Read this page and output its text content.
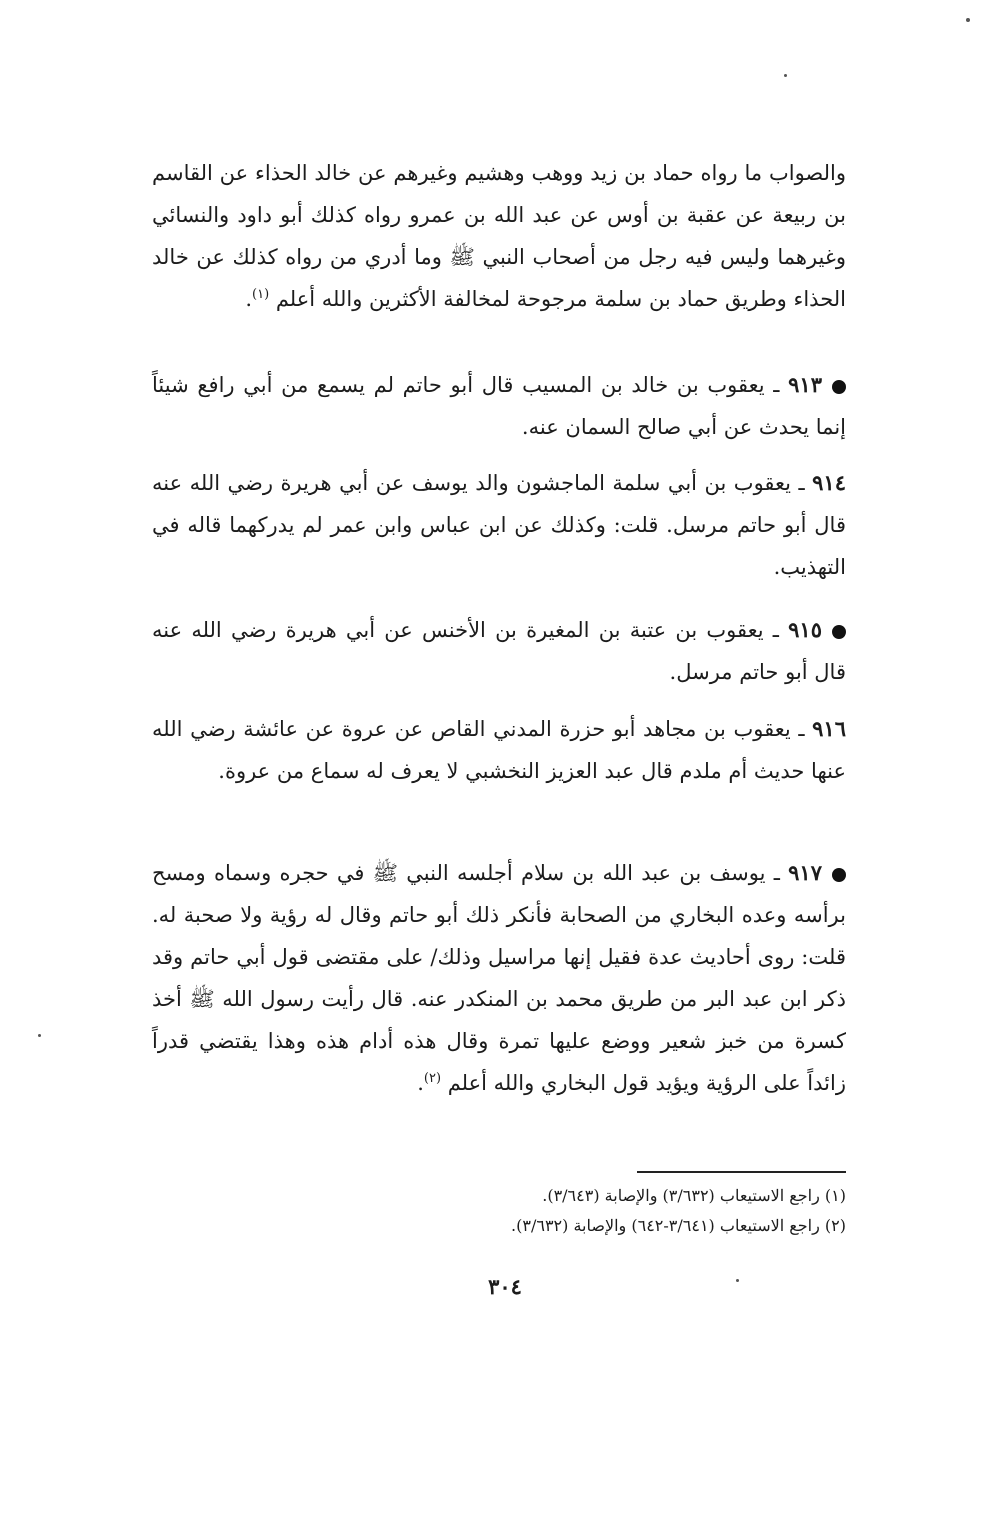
والصواب ما رواه حماد بن زيد ووهب وهشيم وغيرهم عن خالد الحذاء عن القاسم بن ربيعة عن عقبة بن أوس عن عبد الله بن عمرو رواه كذلك أبو داود والنسائي وغيرهما وليس فيه رجل من أصحاب النبي ﷺ وما أدري من رواه كذلك عن خالد الحذاء وطريق حماد بن سلمة مرجوحة لمخالفة الأكثرين والله أعلم $^{(١)}$.

٩١٣ ـ يعقوب بن خالد بن المسيب قال أبو حاتم لم يسمع من أبي رافع شيئاً إنما يحدث عن أبي صالح السمان عنه.

٩١٤ ـ يعقوب بن أبي سلمة الماجشون والد يوسف عن أبي هريرة رضي الله عنه قال أبو حاتم مرسل. قلت: وكذلك عن ابن عباس وابن عمر لم يدركهما قاله في التهذيب.

٩١٥ ـ يعقوب بن عتبة بن المغيرة بن الأخنس عن أبي هريرة رضي الله عنه قال أبو حاتم مرسل.

٩١٦ ـ يعقوب بن مجاهد أبو حزرة المدني القاص عن عروة عن عائشة رضي الله عنها حديث أم ملدم قال عبد العزيز النخشبي لا يعرف له سماع من عروة.

٩١٧ ـ يوسف بن عبد الله بن سلام أجلسه النبي ﷺ في حجره وسماه ومسح برأسه وعده البخاري من الصحابة فأنكر ذلك أبو حاتم وقال له رؤية ولا صحبة له. قلت: روى أحاديث عدة فقيل إنها مراسيل وذلك/ على مقتضى قول أبي حاتم وقد ذكر ابن عبد البر من طريق محمد بن المنكدر عنه. قال رأيت رسول الله ﷺ أخذ كسرة من خبز شعير ووضع عليها تمرة وقال هذه أدام هذه وهذا يقتضي قدراً زائداً على الرؤية ويؤيد قول البخاري والله أعلم $^{(٢)}$.

(١) راجع الاستيعاب (٣/٦٣٢) والإصابة (٣/٦٤٣).

(٢) راجع الاستيعاب (٣/٦٤١-٦٤٢) والإصابة (٣/٦٣٢).

٣٠٤
